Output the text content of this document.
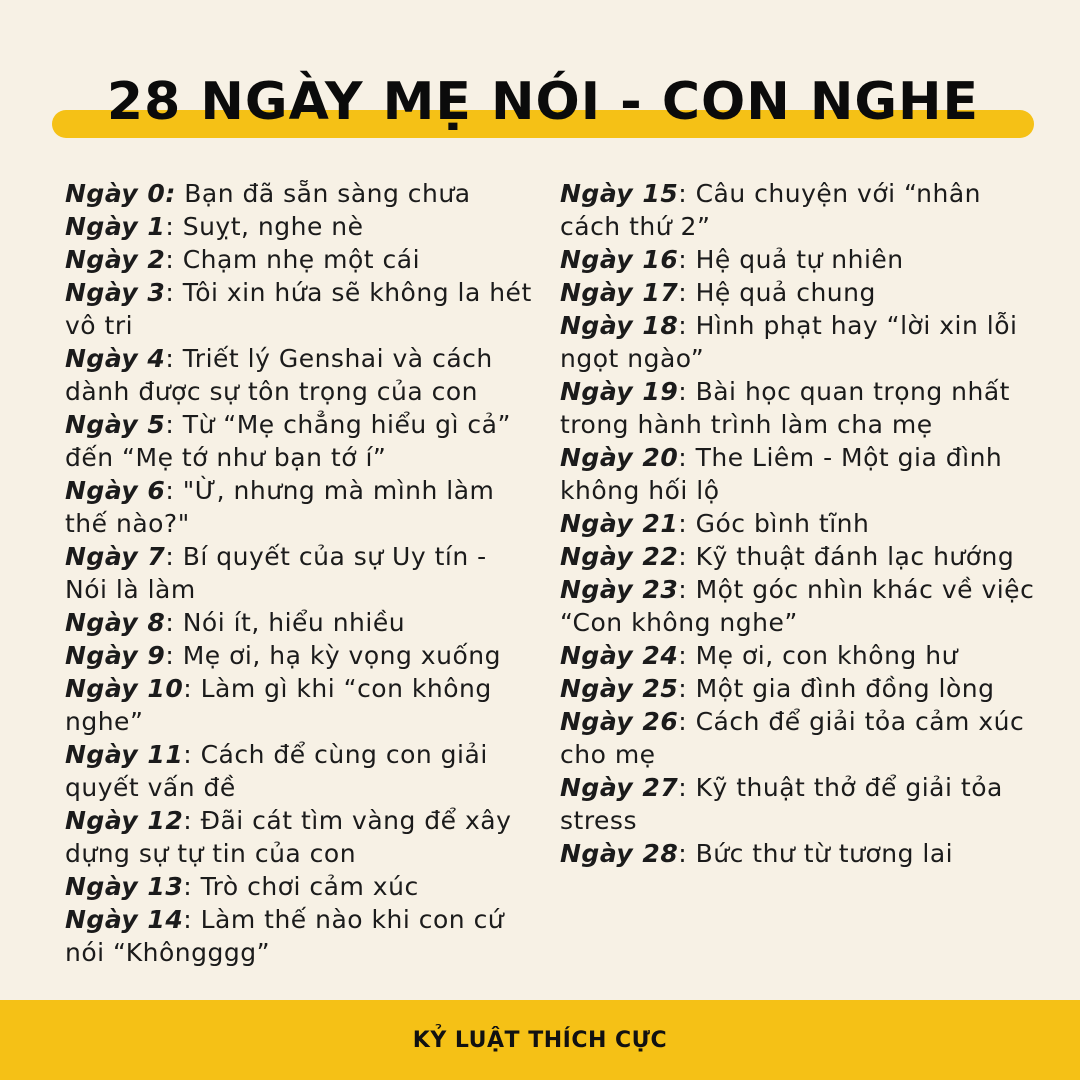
28 NGÀY MẸ NÓI - CON NGHE

Ngày 0: Bạn đã sẵn sàng chưa

Ngày 1: Suỵt, nghe nè

Ngày 2: Chạm nhẹ một cái

Ngày 3: Tôi xin hứa sẽ không la hét vô tri

Ngày 4: Triết lý Genshai và cách dành được sự tôn trọng của con

Ngày 5: Từ “Mẹ chẳng hiểu gì cả” đến “Mẹ tớ như bạn tớ í”

Ngày 6: "Ừ, nhưng mà mình làm thế nào?"

Ngày 7: Bí quyết của sự Uy tín - Nói là làm

Ngày 8: Nói ít, hiểu nhiều

Ngày 9: Mẹ ơi, hạ kỳ vọng xuống

Ngày 10: Làm gì khi “con không nghe”

Ngày 11: Cách để cùng con giải quyết vấn đề

Ngày 12: Đãi cát tìm vàng để xây dựng sự tự tin của con

Ngày 13: Trò chơi cảm xúc

Ngày 14: Làm thế nào khi con cứ nói “Khôngggg”

Ngày 15: Câu chuyện với “nhân cách thứ 2”

Ngày 16: Hệ quả tự nhiên

Ngày 17: Hệ quả chung

Ngày 18: Hình phạt hay “lời xin lỗi ngọt ngào”

Ngày 19: Bài học quan trọng nhất trong hành trình làm cha mẹ

Ngày 20: The Liêm - Một gia đình không hối lộ

Ngày 21: Góc bình tĩnh

Ngày 22: Kỹ thuật đánh lạc hướng

Ngày 23: Một góc nhìn khác về việc “Con không nghe”

Ngày 24: Mẹ ơi, con không hư

Ngày 25: Một gia đình đồng lòng

Ngày 26: Cách để giải tỏa cảm xúc cho mẹ

Ngày 27: Kỹ thuật thở để giải tỏa stress

Ngày 28: Bức thư từ tương lai

KỶ LUẬT THÍCH CỰC
